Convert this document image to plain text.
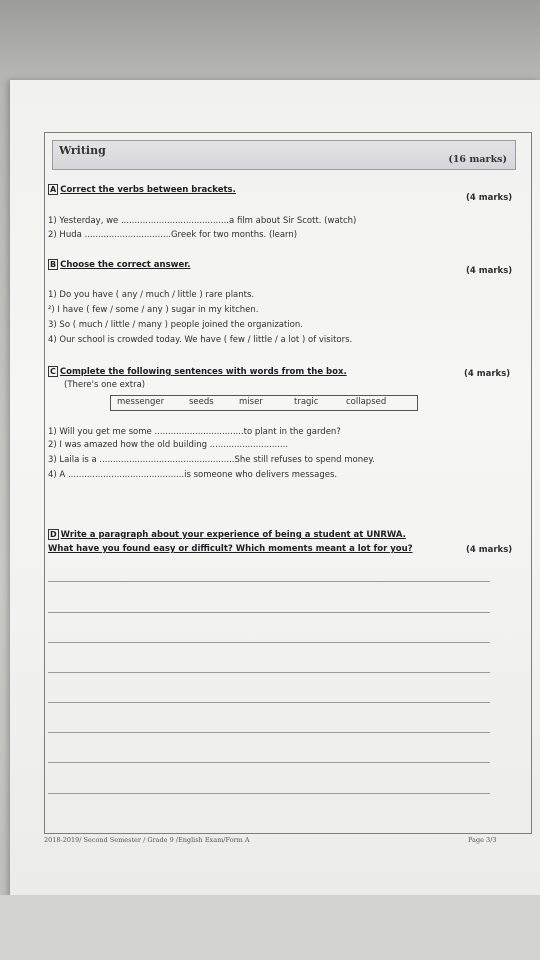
Writing
(16 marks)
A Correct the verbs between brackets.
(4 marks)
1) Yesterday, we ........................................a film about Sir Scott. (watch)
2) Huda ................................Greek for two months. (learn)
B Choose the correct answer.
(4 marks)
1) Do you have ( any / much / little ) rare plants.
²) I have ( few / some / any ) sugar in my kitchen.
3) So ( much / little / many ) people joined the organization.
4) Our school is crowded today. We have ( few / little / a lot ) of visitors.
C Complete the following sentences with words from the box.	(4 marks)
(There's one extra)
messenger	seeds	miser	tragic	collapsed
1) Will you get me some .................................to plant in the garden?
2) I was amazed how the old building .............................
3) Laila is a ..................................................She still refuses to spend money.
4) A ...........................................is someone who delivers messages.
D Write a paragraph about your experience of being a student at UNRWA.
What have you found easy or difficult? Which moments meant a lot for you?	(4 marks)
2018-2019/ Second Semester / Grade 9 /English Exam/Form A	Page 3/3
